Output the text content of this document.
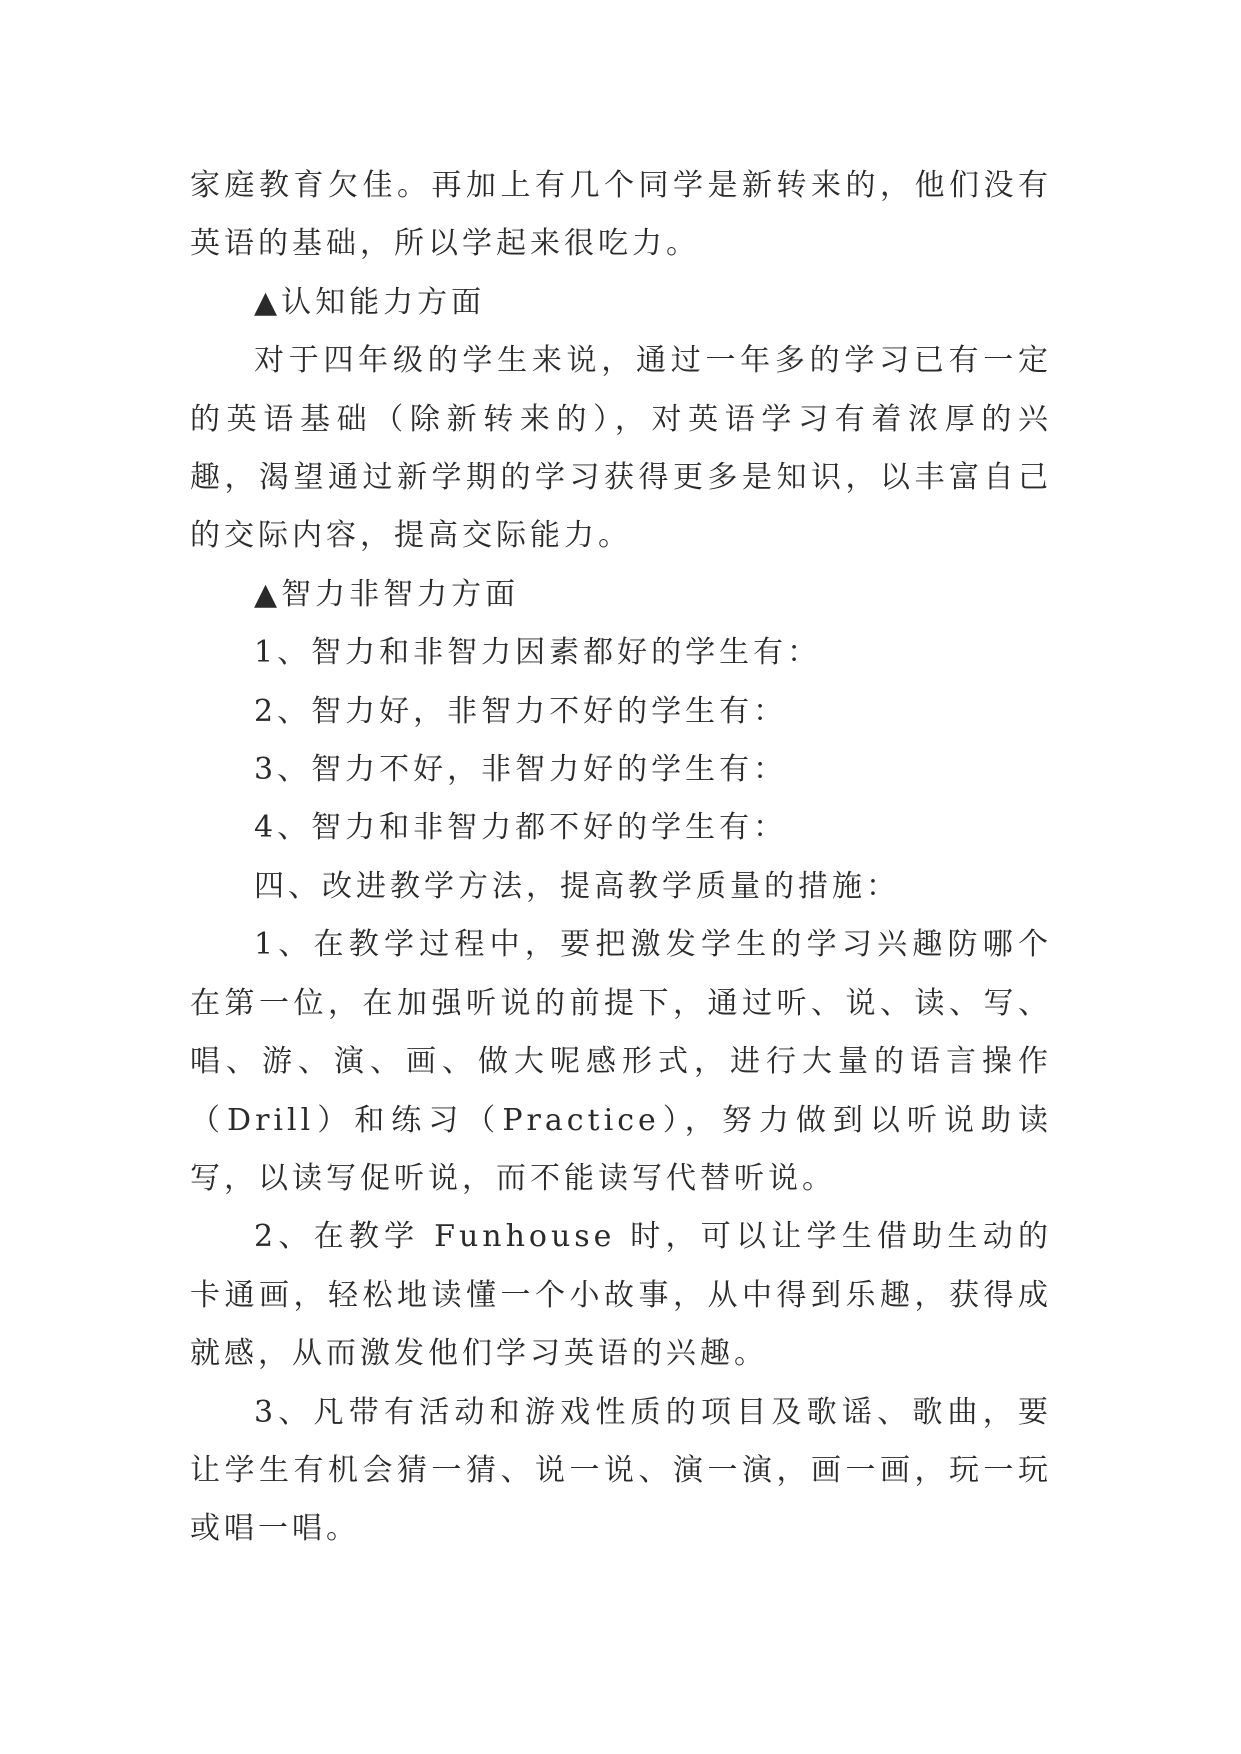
家庭教育欠佳。再加上有几个同学是新转来的，他们没有英语的基础，所以学起来很吃力。

▲认知能力方面

对于四年级的学生来说，通过一年多的学习已有一定的英语基础（除新转来的），对英语学习有着浓厚的兴趣，渴望通过新学期的学习获得更多是知识，以丰富自己的交际内容，提高交际能力。

▲智力非智力方面

1、智力和非智力因素都好的学生有：

2、智力好，非智力不好的学生有：

3、智力不好，非智力好的学生有：

4、智力和非智力都不好的学生有：

四、改进教学方法，提高教学质量的措施：

1、在教学过程中，要把激发学生的学习兴趣防哪个在第一位，在加强听说的前提下，通过听、说、读、写、唱、游、演、画、做大呢感形式，进行大量的语言操作（Drill）和练习（Practice），努力做到以听说助读写，以读写促听说，而不能读写代替听说。

2、在教学 Funhouse 时，可以让学生借助生动的卡通画，轻松地读懂一个小故事，从中得到乐趣，获得成就感，从而激发他们学习英语的兴趣。

3、凡带有活动和游戏性质的项目及歌谣、歌曲，要让学生有机会猜一猜、说一说、演一演，画一画，玩一玩或唱一唱。
